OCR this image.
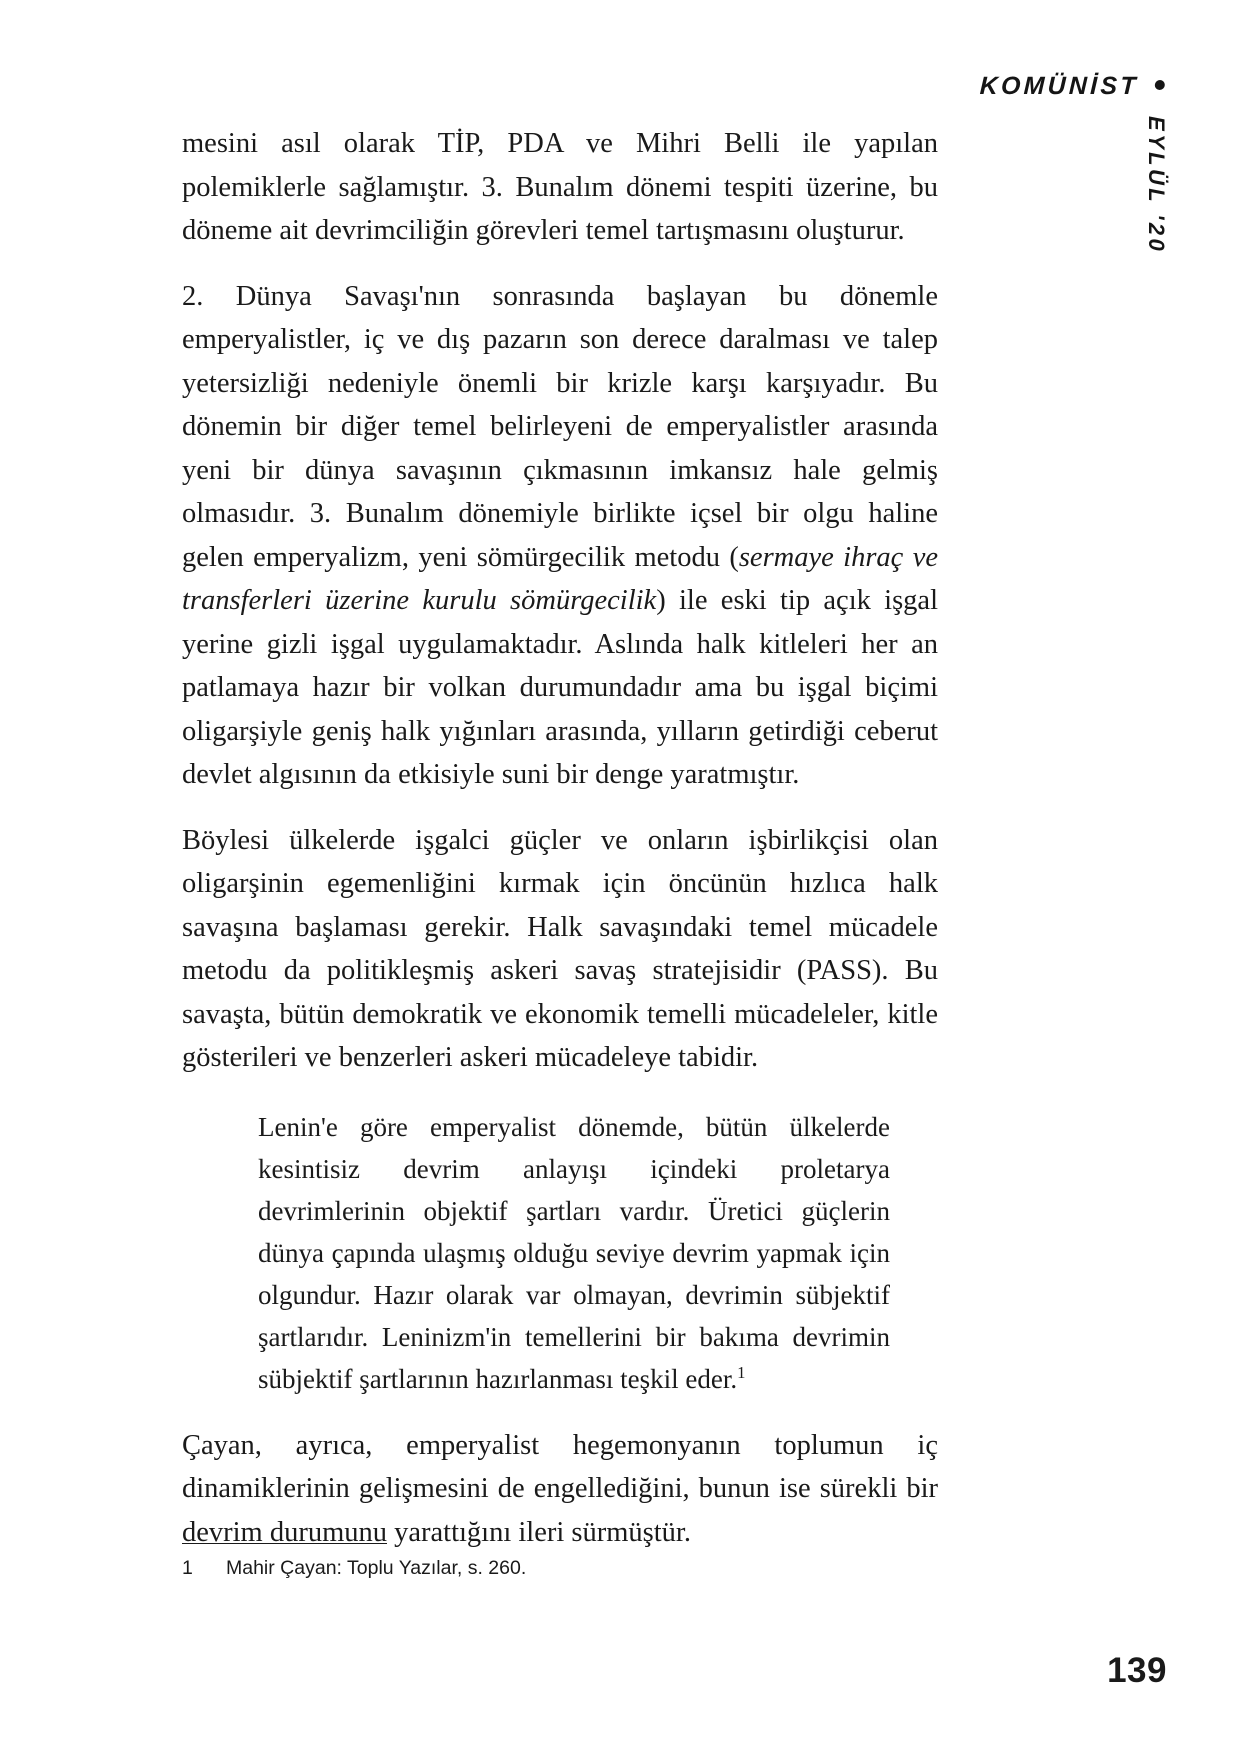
KOMÜNİST
EYLÜL '20

mesini asıl olarak TİP, PDA ve Mihri Belli ile yapılan polemiklerle sağlamıştır. 3. Bunalım dönemi tespiti üzerine, bu döneme ait devrimciliğin görevleri temel tartışmasını oluşturur.

2. Dünya Savaşı'nın sonrasında başlayan bu dönemle emperyalistler, iç ve dış pazarın son derece daralması ve talep yetersizliği nedeniyle önemli bir krizle karşı karşıyadır. Bu dönemin bir diğer temel belirleyeni de emperyalistler arasında yeni bir dünya savaşının çıkmasının imkansız hale gelmiş olmasıdır. 3. Bunalım dönemiyle birlikte içsel bir olgu haline gelen emperyalizm, yeni sömürgecilik metodu (sermaye ihraç ve transferleri üzerine kurulu sömürgecilik) ile eski tip açık işgal yerine gizli işgal uygulamaktadır. Aslında halk kitleleri her an patlamaya hazır bir volkan durumundadır ama bu işgal biçimi oligarşiyle geniş halk yığınları arasında, yılların getirdiği ceberut devlet algısının da etkisiyle suni bir denge yaratmıştır.

Böylesi ülkelerde işgalci güçler ve onların işbirlikçisi olan oligarşinin egemenliğini kırmak için öncünün hızlıca halk savaşına başlaması gerekir. Halk savaşındaki temel mücadele metodu da politikleşmiş askeri savaş stratejisidir (PASS). Bu savaşta, bütün demokratik ve ekonomik temelli mücadeleler, kitle gösterileri ve benzerleri askeri mücadeleye tabidir.

Lenin'e göre emperyalist dönemde, bütün ülkelerde kesintisiz devrim anlayışı içindeki proletarya devrimlerinin objektif şartları vardır. Üretici güçlerin dünya çapında ulaşmış olduğu seviye devrim yapmak için olgundur. Hazır olarak var olmayan, devrimin sübjektif şartlarıdır. Leninizm'in temellerini bir bakıma devrimin sübjektif şartlarının hazırlanması teşkil eder.$^1$

Çayan, ayrıca, emperyalist hegemonyanın toplumun iç dinamiklerinin gelişmesini de engellediğini, bunun ise sürekli bir devrim durumunu yarattığını ileri sürmüştür.

1	Mahir Çayan: Toplu Yazılar, s. 260.
139
